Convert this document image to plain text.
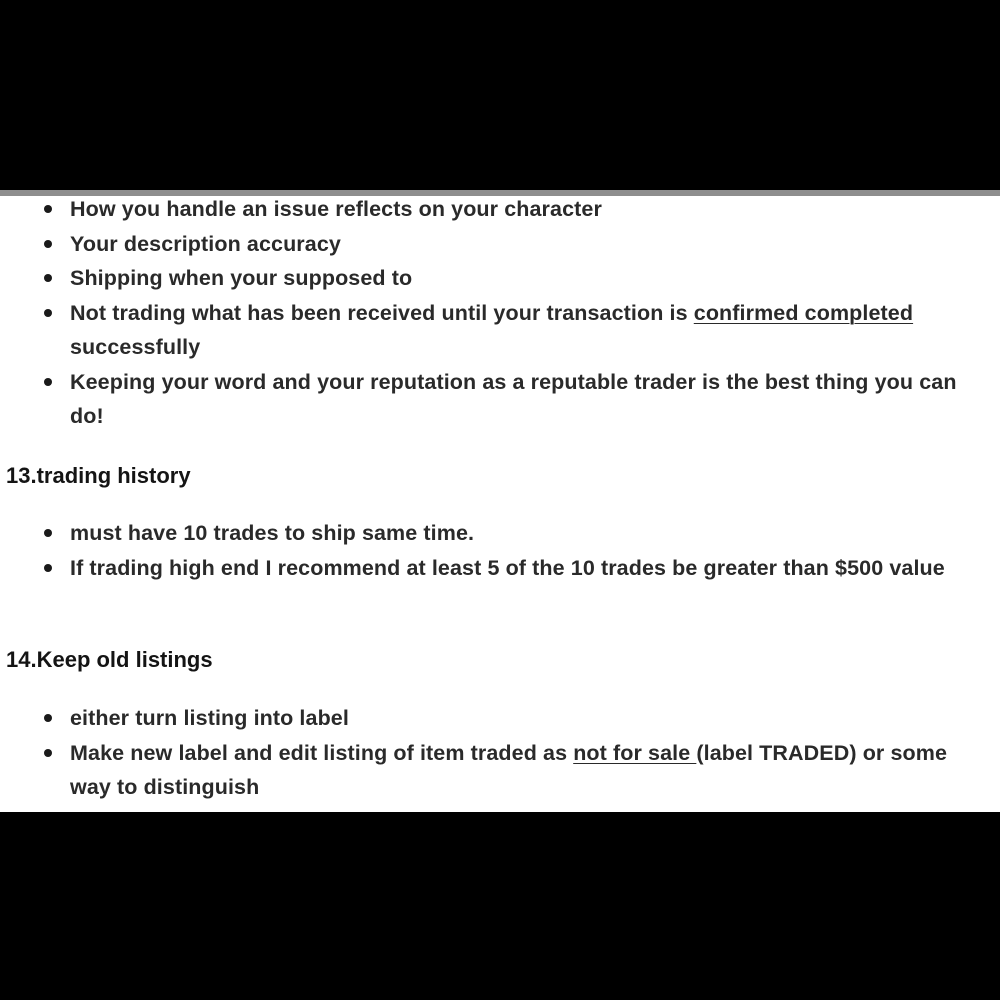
How you handle an issue reflects on your character
Your description accuracy
Shipping when your supposed to
Not trading what has been received until your transaction is confirmed completed successfully
Keeping your word and your reputation as a reputable trader is the best thing you can do!
13.trading history
must have 10 trades to ship same time.
If trading high end I recommend at least 5 of the 10 trades be greater than $500 value
14.Keep old listings
either turn listing into label
Make new label and edit listing of item traded as not for sale (label TRADED) or some way to distinguish
